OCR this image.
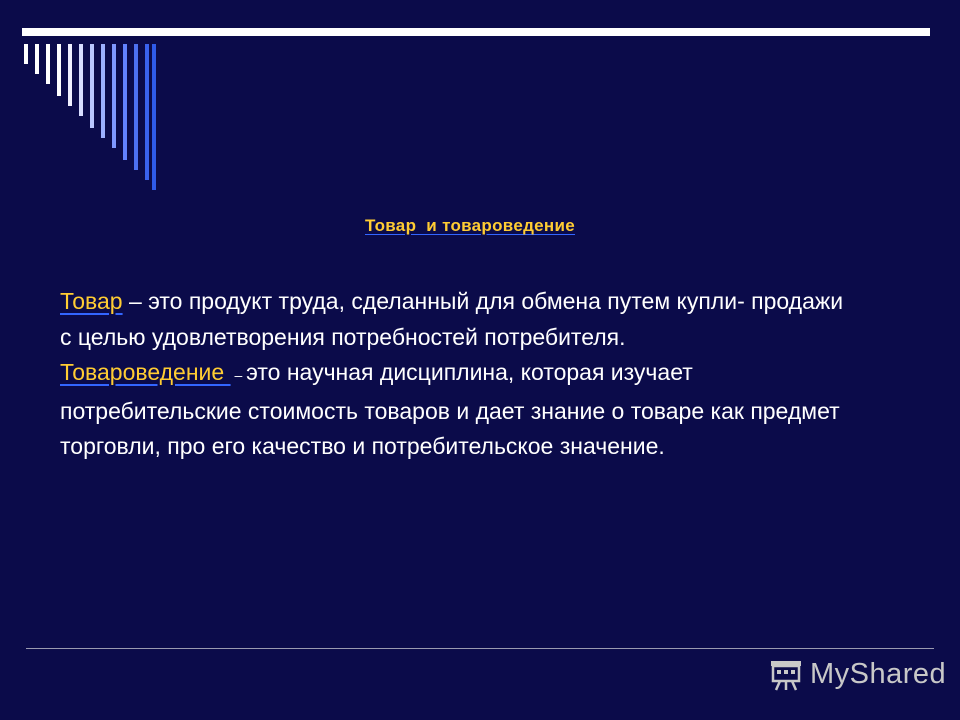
Товар  и товароведение
Товар – это продукт труда, сделанный для обмена путем купли- продажи с целью удовлетворения потребностей потребителя.
Товароведение  – это научная дисциплина, которая изучает потребительские стоимость товаров и дает знание о товаре как предмет торговли, про его качество и потребительское значение.
MyShared
